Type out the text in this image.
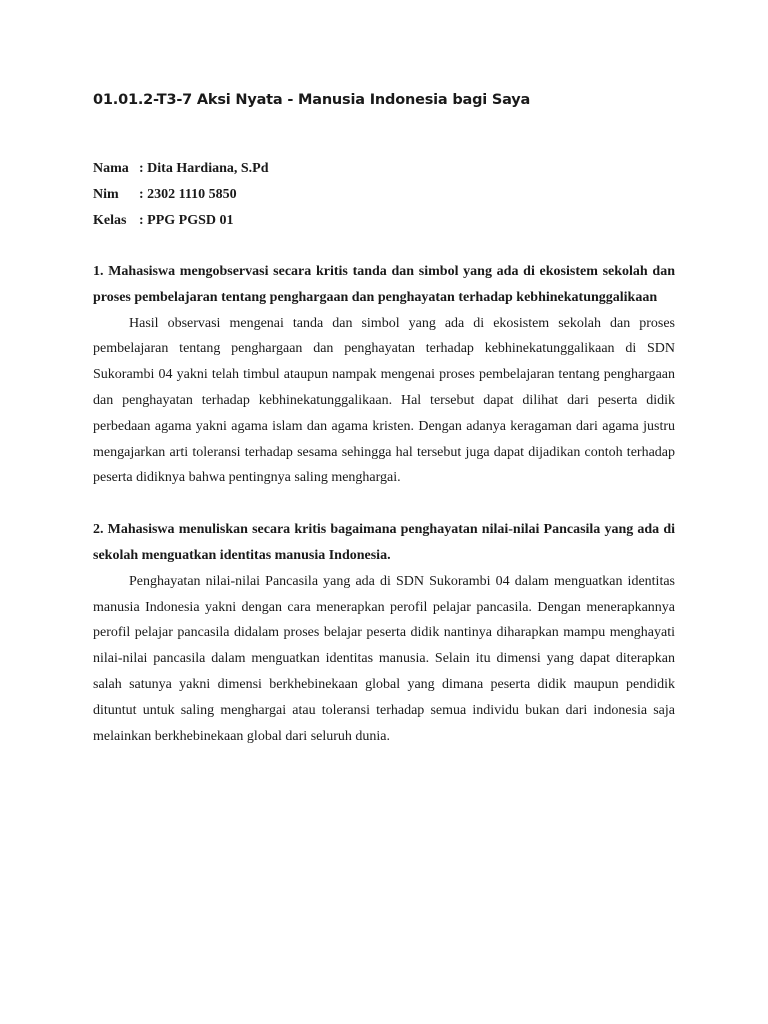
01.01.2-T3-7 Aksi Nyata - Manusia Indonesia bagi Saya
Nama : Dita Hardiana, S.Pd
Nim	: 2302 1110 5850
Kelas : PPG PGSD 01

1. Mahasiswa mengobservasi secara kritis tanda dan simbol yang ada di ekosistem sekolah dan proses pembelajaran tentang penghargaan dan penghayatan terhadap kebhinekatunggalikaan

Hasil observasi mengenai tanda dan simbol yang ada di ekosistem sekolah dan proses pembelajaran tentang penghargaan dan penghayatan terhadap kebhinekatunggalikaan di SDN Sukorambi 04 yakni telah timbul ataupun nampak mengenai proses pembelajaran tentang penghargaan dan penghayatan terhadap kebhinekatunggalikaan. Hal tersebut dapat dilihat dari peserta didik perbedaan agama yakni agama islam dan agama kristen. Dengan adanya keragaman dari agama justru mengajarkan arti toleransi terhadap sesama sehingga hal tersebut juga dapat dijadikan contoh terhadap peserta didiknya bahwa pentingnya saling menghargai.

2. Mahasiswa menuliskan secara kritis bagaimana penghayatan nilai-nilai Pancasila yang ada di sekolah menguatkan identitas manusia Indonesia.

Penghayatan nilai-nilai Pancasila yang ada di SDN Sukorambi 04 dalam menguatkan identitas manusia Indonesia yakni dengan cara menerapkan perofil pelajar pancasila. Dengan menerapkannya perofil pelajar pancasila didalam proses belajar peserta didik nantinya diharapkan mampu menghayati nilai-nilai pancasila dalam menguatkan identitas manusia. Selain itu dimensi yang dapat diterapkan salah satunya yakni dimensi berkhebinekaan global yang dimana peserta didik maupun pendidik dituntut untuk saling menghargai atau toleransi terhadap semua individu bukan dari indonesia saja melainkan berkhebinekaan global dari seluruh dunia.
